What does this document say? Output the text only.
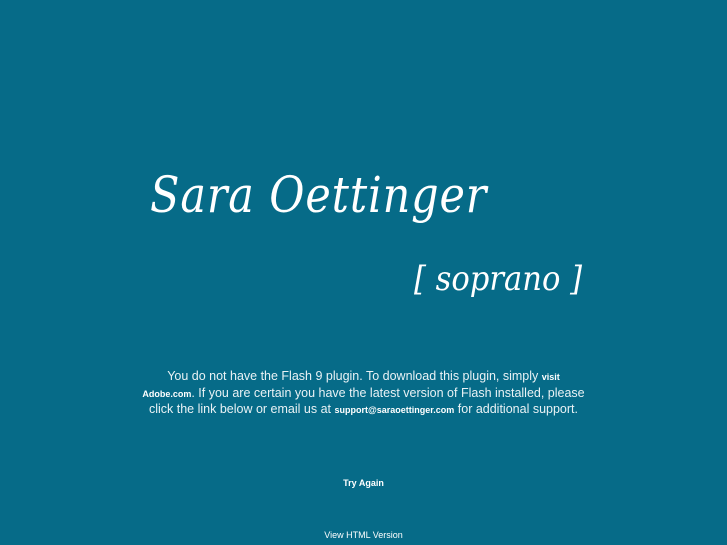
Sara Oettinger
[ soprano ]
You do not have the Flash 9 plugin. To download this plugin, simply visit Adobe.com. If you are certain you have the latest version of Flash installed, please click the link below or email us at support@saraoettinger.com for additional support.
Try Again
View HTML Version
